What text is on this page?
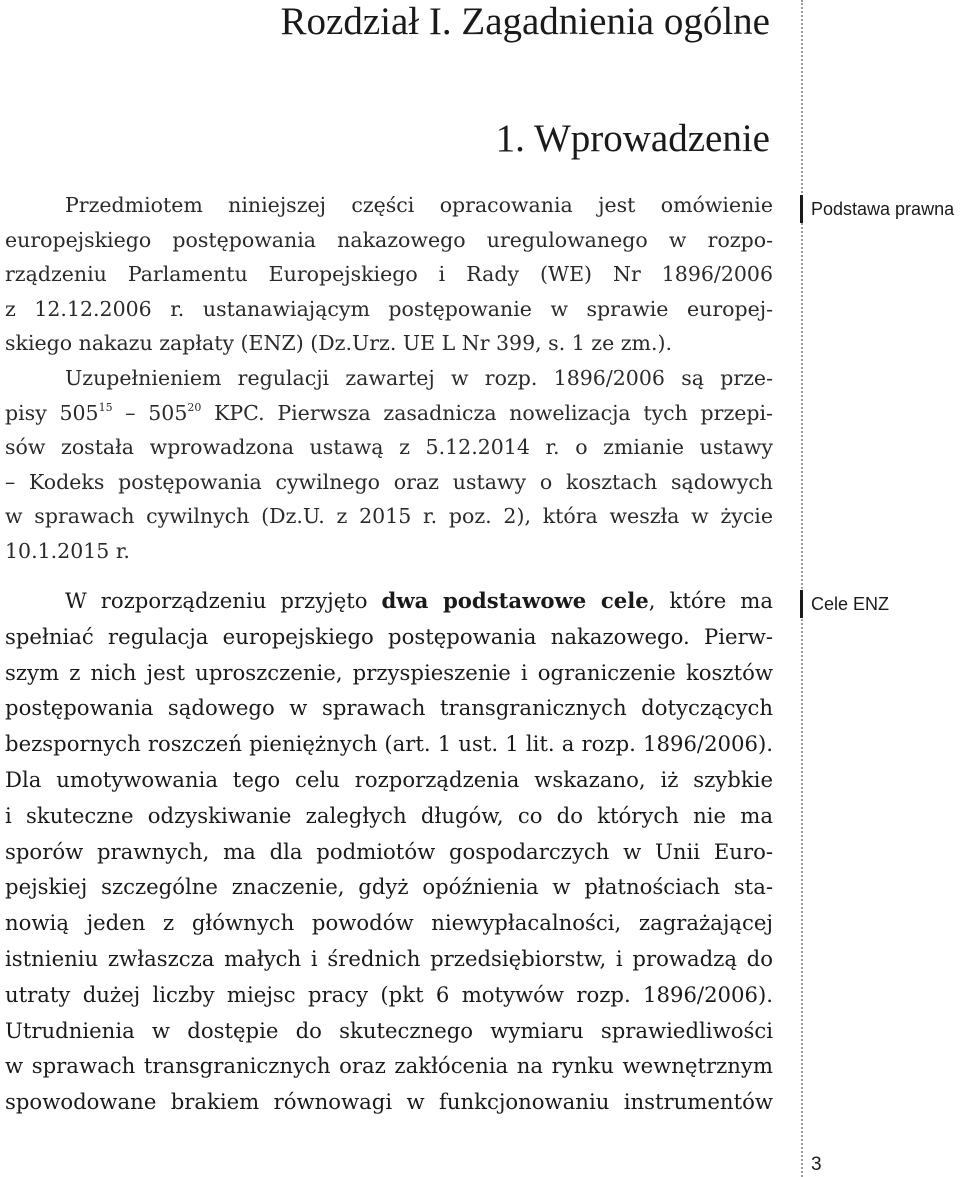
Rozdział I. Zagadnienia ogólne
1. Wprowadzenie
Przedmiotem niniejszej części opracowania jest omówienie
europejskiego postępowania nakazowego uregulowanego w rozpo-
rządzeniu Parlamentu Europejskiego i Rady (WE) Nr 1896/2006
z 12.12.2006 r. ustanawiającym postępowanie w sprawie europej-
skiego nakazu zapłaty (ENZ) (Dz.Urz. UE L Nr 399, s. 1 ze zm.).
Uzupełnieniem regulacji zawartej w rozp. 1896/2006 są prze-
pisy $505^{15} - 505^{20}$ KPC. Pierwsza zasadnicza nowelizacja tych przepi-
sów została wprowadzona ustawą z 5.12.2014 r. o zmianie ustawy
– Kodeks postępowania cywilnego oraz ustawy o kosztach sądowych
w sprawach cywilnych (Dz.U. z 2015 r. poz. 2), która weszła w życie
10.1.2015 r.
W rozporządzeniu przyjęto dwa podstawowe cele, które ma
spełniać regulacja europejskiego postępowania nakazowego. Pierw-
szym z nich jest uproszczenie, przyspieszenie i ograniczenie kosztów
postępowania sądowego w sprawach transgranicznych dotyczących
bezspornych roszczeń pieniężnych (art. 1 ust. 1 lit. a rozp. 1896/2006).
Dla umotywowania tego celu rozporządzenia wskazano, iż szybkie
i skuteczne odzyskiwanie zaległych długów, co do których nie ma
sporów prawnych, ma dla podmiotów gospodarczych w Unii Euro-
pejskiej szczególne znaczenie, gdyż opóźnienia w płatnościach sta-
nowią jeden z głównych powodów niewypłacalności, zagrażającej
istnieniu zwłaszcza małych i średnich przedsiębiorstw, i prowadzą do
utraty dużej liczby miejsc pracy (pkt 6 motywów rozp. 1896/2006).
Utrudnienia w dostępie do skutecznego wymiaru sprawiedliwości
w sprawach transgranicznych oraz zakłócenia na rynku wewnętrznym
spowodowane brakiem równowagi w funkcjonowaniu instrumentów
Podstawa prawna
Cele ENZ
3
